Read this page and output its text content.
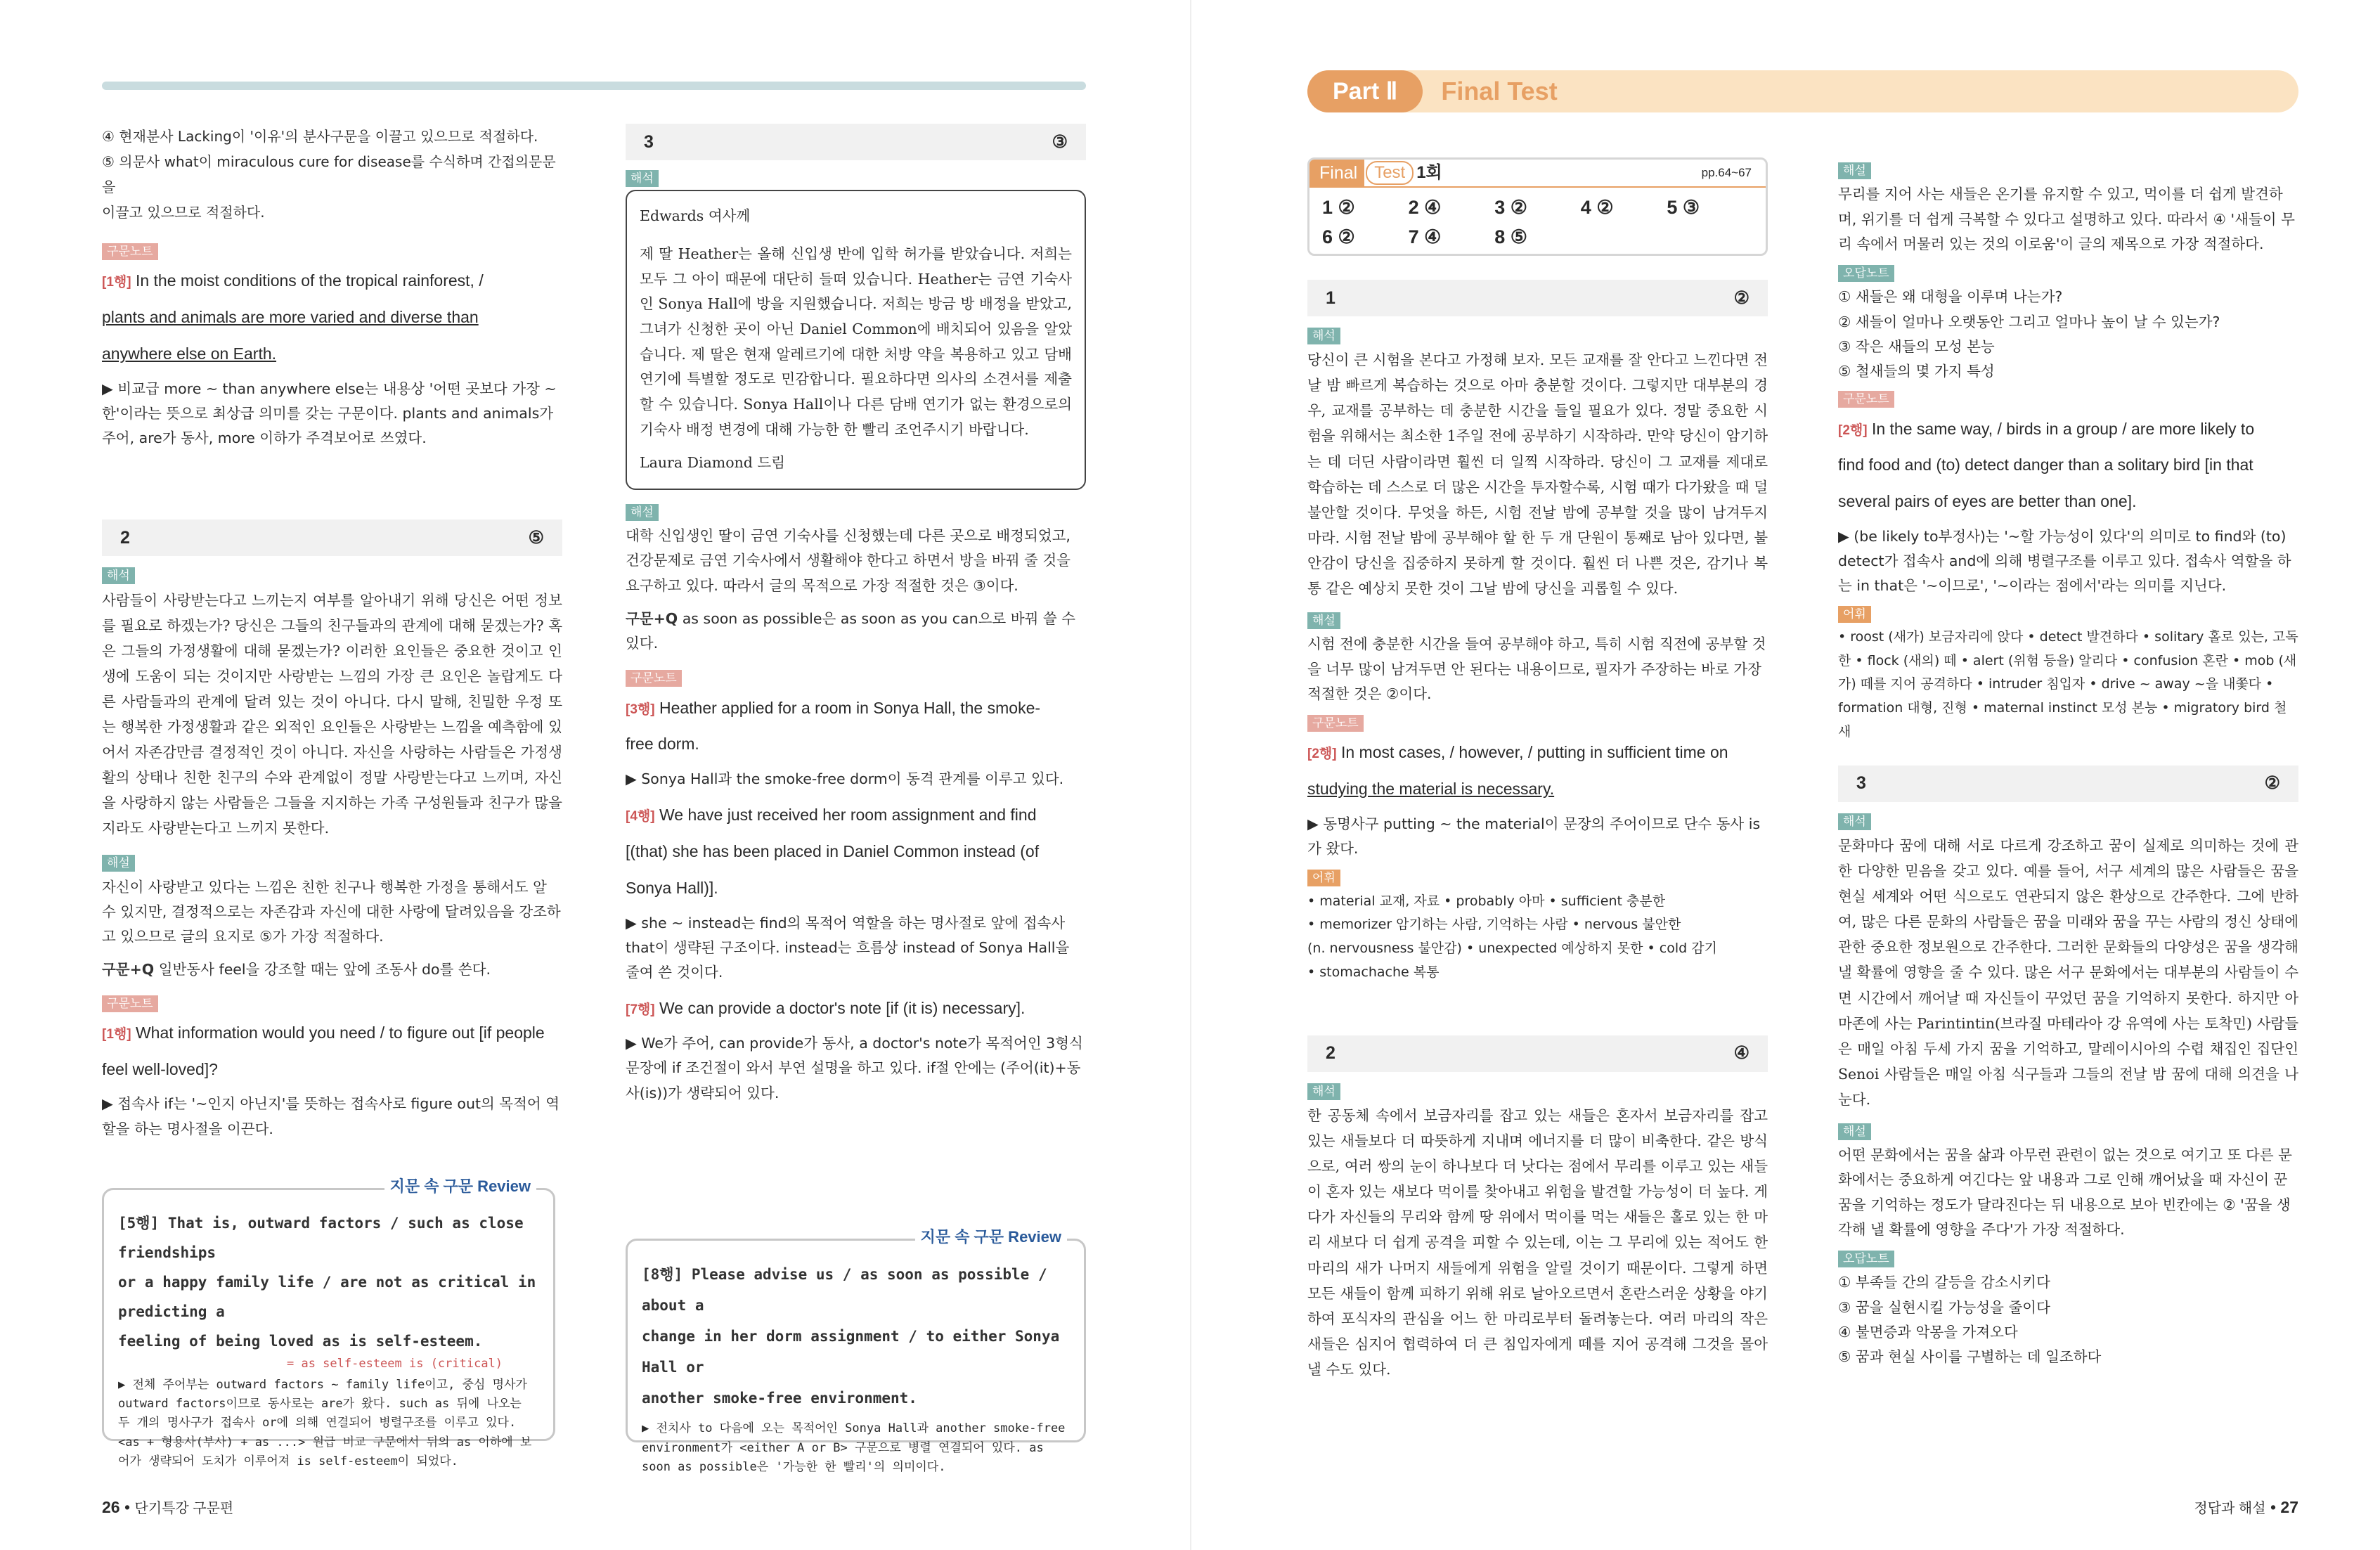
④ 현재분사 Lacking이 '이유'의 분사구문을 이끌고 있으므로 적절하다.
⑤ 의문사 what이 miraculous cure for disease를 수식하며 간접의문문을
이끌고 있으므로 적절하다.
구문노트
[1행] In the moist conditions of the tropical rainforest, /
plants and animals are more varied and diverse than
anywhere else on Earth.
▶ 비교급 more ~ than anywhere else는 내용상 '어떤 곳보다 가장 ~한'이라는 뜻으로 최상급 의미를 갖는 구문이다. plants and animals가 주어, are가 동사, more 이하가 주격보어로 쓰였다.
2	⑤
해석
사람들이 사랑받는다고 느끼는지 여부를 알아내기 위해 당신은 어떤 정보를 필요로 하겠는가? 당신은 그들의 친구들과의 관계에 대해 묻겠는가? 혹은 그들의 가정생활에 대해 묻겠는가? 이러한 요인들은 중요한 것이고 인생에 도움이 되는 것이지만 사랑받는 느낌의 가장 큰 요인은 놀랍게도 다른 사람들과의 관계에 달려 있는 것이 아니다. 다시 말해, 친밀한 우정 또는 행복한 가정생활과 같은 외적인 요인들은 사랑받는 느낌을 예측함에 있어서 자존감만큼 결정적인 것이 아니다. 자신을 사랑하는 사람들은 가정생활의 상태나 친한 친구의 수와 관계없이 정말 사랑받는다고 느끼며, 자신을 사랑하지 않는 사람들은 그들을 지지하는 가족 구성원들과 친구가 많을지라도 사랑받는다고 느끼지 못한다.
해설
자신이 사랑받고 있다는 느낌은 친한 친구나 행복한 가정을 통해서도 알 수 있지만, 결정적으로는 자존감과 자신에 대한 사랑에 달려있음을 강조하고 있으므로 글의 요지로 ⑤가 가장 적절하다.
구문+Q 일반동사 feel을 강조할 때는 앞에 조동사 do를 쓴다.
구문노트
[1행] What information would you need / to figure out [if people
feel well-loved]?
▶ 접속사 if는 '~인지 아닌지'를 뜻하는 접속사로 figure out의 목적어 역할을 하는 명사절을 이끈다.
지문 속 구문 Review
[5행] That is, outward factors / such as close friendships
or a happy family life / are not as critical in predicting a
feeling of being loved as is self-esteem.
= as self-esteem is (critical)
▶ 전체 주어부는 outward factors ~ family life이고, 중심 명사가 outward factors이므로 동사로는 are가 왔다. such as 뒤에 나오는 두 개의 명사구가 접속사 or에 의해 연결되어 병렬구조를 이루고 있다. <as + 형용사(부사) + as ...> 원급 비교 구문에서 뒤의 as 이하에 보어가 생략되어 도치가 이루어져 is self-esteem이 되었다.
3	③
해석
Edwards 여사께
제 딸 Heather는 올해 신입생 반에 입학 허가를 받았습니다. 저희는 모두 그 아이 때문에 대단히 들떠 있습니다. Heather는 금연 기숙사인 Sonya Hall에 방을 지원했습니다. 저희는 방금 방 배정을 받았고, 그녀가 신청한 곳이 아닌 Daniel Common에 배치되어 있음을 알았습니다. 제 딸은 현재 알레르기에 대한 처방 약을 복용하고 있고 담배 연기에 특별할 정도로 민감합니다. 필요하다면 의사의 소견서를 제출할 수 있습니다. Sonya Hall이나 다른 담배 연기가 없는 환경으로의 기숙사 배정 변경에 대해 가능한 한 빨리 조언주시기 바랍니다.
Laura Diamond 드림
해설
대학 신입생인 딸이 금연 기숙사를 신청했는데 다른 곳으로 배정되었고, 건강문제로 금연 기숙사에서 생활해야 한다고 하면서 방을 바꿔 줄 것을 요구하고 있다. 따라서 글의 목적으로 가장 적절한 것은 ③이다.
구문+Q as soon as possible은 as soon as you can으로 바꿔 쓸 수 있다.
구문노트
[3행] Heather applied for a room in Sonya Hall, the smoke-
free dorm.
▶ Sonya Hall과 the smoke-free dorm이 동격 관계를 이루고 있다.
[4행] We have just received her room assignment and find
[(that) she has been placed in Daniel Common instead (of
Sonya Hall)].
▶ she ~ instead는 find의 목적어 역할을 하는 명사절로 앞에 접속사 that이 생략된 구조이다. instead는 흐름상 instead of Sonya Hall을 줄여 쓴 것이다.
[7행] We can provide a doctor's note [if (it is) necessary].
▶ We가 주어, can provide가 동사, a doctor's note가 목적어인 3형식 문장에 if 조건절이 와서 부연 설명을 하고 있다. if절 안에는 (주어(it)+동사(is))가 생략되어 있다.
지문 속 구문 Review
[8행] Please advise us / as soon as possible / about a
change in her dorm assignment / to either Sonya Hall or
another smoke-free environment.
▶ 전치사 to 다음에 오는 목적어인 Sonya Hall과 another smoke-free environment가 <either A or B> 구문으로 병렬 연결되어 있다. as soon as possible은 '가능한 한 빨리'의 의미이다.
26 • 단기특강 구문편
Part Ⅱ	Final Test
Final	Test 1회	pp.64~67
1 ②	2 ④	3 ②	4 ②	5 ③
6 ②	7 ④	8 ⑤
1	②
해석
당신이 큰 시험을 본다고 가정해 보자. 모든 교재를 잘 안다고 느낀다면 전날 밤 빠르게 복습하는 것으로 아마 충분할 것이다. 그렇지만 대부분의 경우, 교재를 공부하는 데 충분한 시간을 들일 필요가 있다. 정말 중요한 시험을 위해서는 최소한 1주일 전에 공부하기 시작하라. 만약 당신이 암기하는 데 더딘 사람이라면 훨씬 더 일찍 시작하라. 당신이 그 교재를 제대로 학습하는 데 스스로 더 많은 시간을 투자할수록, 시험 때가 다가왔을 때 덜 불안할 것이다. 무엇을 하든, 시험 전날 밤에 공부할 것을 많이 남겨두지 마라. 시험 전날 밤에 공부해야 할 한 두 개 단원이 통째로 남아 있다면, 불안감이 당신을 집중하지 못하게 할 것이다. 훨씬 더 나쁜 것은, 감기나 복통 같은 예상치 못한 것이 그날 밤에 당신을 괴롭힐 수 있다.
해설
시험 전에 충분한 시간을 들여 공부해야 하고, 특히 시험 직전에 공부할 것을 너무 많이 남겨두면 안 된다는 내용이므로, 필자가 주장하는 바로 가장 적절한 것은 ②이다.
구문노트
[2행] In most cases, / however, / putting in sufficient time on
studying the material is necessary.
▶ 동명사구 putting ~ the material이 문장의 주어이므로 단수 동사 is가 왔다.
어휘
• material 교재, 자료 • probably 아마 • sufficient 충분한
• memorizer 암기하는 사람, 기억하는 사람 • nervous 불안한
(n. nervousness 불안감) • unexpected 예상하지 못한 • cold 감기
• stomachache 복통
2	④
해석
한 공동체 속에서 보금자리를 잡고 있는 새들은 혼자서 보금자리를 잡고 있는 새들보다 더 따뜻하게 지내며 에너지를 더 많이 비축한다. 같은 방식으로, 여러 쌍의 눈이 하나보다 더 낫다는 점에서 무리를 이루고 있는 새들이 혼자 있는 새보다 먹이를 찾아내고 위험을 발견할 가능성이 더 높다. 게다가 자신들의 무리와 함께 땅 위에서 먹이를 먹는 새들은 홀로 있는 한 마리 새보다 더 쉽게 공격을 피할 수 있는데, 이는 그 무리에 있는 적어도 한 마리의 새가 나머지 새들에게 위험을 알릴 것이기 때문이다. 그렇게 하면 모든 새들이 함께 피하기 위해 위로 날아오르면서 혼란스러운 상황을 야기하여 포식자의 관심을 어느 한 마리로부터 돌려놓는다. 여러 마리의 작은 새들은 심지어 협력하여 더 큰 침입자에게 떼를 지어 공격해 그것을 몰아낼 수도 있다.
해설
무리를 지어 사는 새들은 온기를 유지할 수 있고, 먹이를 더 쉽게 발견하며, 위기를 더 쉽게 극복할 수 있다고 설명하고 있다. 따라서 ④ '새들이 무리 속에서 머물러 있는 것의 이로움'이 글의 제목으로 가장 적절하다.
오답노트
① 새들은 왜 대형을 이루며 나는가?
② 새들이 얼마나 오랫동안 그리고 얼마나 높이 날 수 있는가?
③ 작은 새들의 모성 본능
⑤ 철새들의 몇 가지 특성
구문노트
[2행] In the same way, / birds in a group / are more likely to
find food and (to) detect danger than a solitary bird [in that
several pairs of eyes are better than one].
▶ (be likely to부정사)는 '~할 가능성이 있다'의 의미로 to find와 (to) detect가 접속사 and에 의해 병렬구조를 이루고 있다. 접속사 역할을 하는 in that은 '~이므로', '~이라는 점에서'라는 의미를 지닌다.
어휘
• roost (새가) 보금자리에 앉다 • detect 발견하다 • solitary 홀로 있는, 고독한 • flock (새의) 떼 • alert (위험 등을) 알리다 • confusion 혼란 • mob (새가) 떼를 지어 공격하다 • intruder 침입자 • drive ~ away ~을 내쫓다 • formation 대형, 진형 • maternal instinct 모성 본능 • migratory bird 철새
3	②
해석
문화마다 꿈에 대해 서로 다르게 강조하고 꿈이 실제로 의미하는 것에 관한 다양한 믿음을 갖고 있다. 예를 들어, 서구 세계의 많은 사람들은 꿈을 현실 세계와 어떤 식으로도 연관되지 않은 환상으로 간주한다. 그에 반하여, 많은 다른 문화의 사람들은 꿈을 미래와 꿈을 꾸는 사람의 정신 상태에 관한 중요한 정보원으로 간주한다. 그러한 문화들의 다양성은 꿈을 생각해 낼 확률에 영향을 줄 수 있다. 많은 서구 문화에서는 대부분의 사람들이 수면 시간에서 깨어날 때 자신들이 꾸었던 꿈을 기억하지 못한다. 하지만 아마존에 사는 Parintintin(브라질 마테라아 강 유역에 사는 토착민) 사람들은 매일 아침 두세 가지 꿈을 기억하고, 말레이시아의 수렵 채집인 집단인 Senoi 사람들은 매일 아침 식구들과 그들의 전날 밤 꿈에 대해 의견을 나눈다.
해설
어떤 문화에서는 꿈을 삶과 아무런 관련이 없는 것으로 여기고 또 다른 문화에서는 중요하게 여긴다는 앞 내용과 그로 인해 깨어났을 때 자신이 꾼 꿈을 기억하는 정도가 달라진다는 뒤 내용으로 보아 빈칸에는 ② '꿈을 생각해 낼 확률에 영향을 주다'가 가장 적절하다.
오답노트
① 부족들 간의 갈등을 감소시키다
③ 꿈을 실현시킬 가능성을 줄이다
④ 불면증과 악몽을 가져오다
⑤ 꿈과 현실 사이를 구별하는 데 일조하다
정답과 해설 • 27
